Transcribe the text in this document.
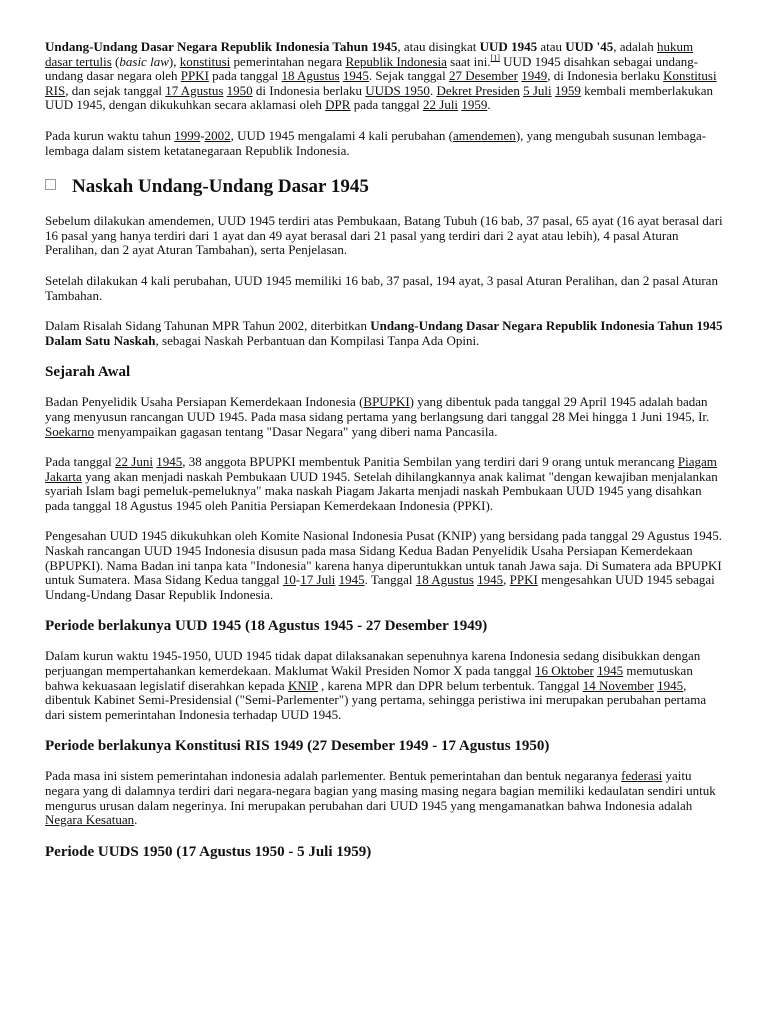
Undang-Undang Dasar Negara Republik Indonesia Tahun 1945, atau disingkat UUD 1945 atau UUD '45, adalah hukum dasar tertulis (basic law), konstitusi pemerintahan negara Republik Indonesia saat ini.[1] UUD 1945 disahkan sebagai undang-undang dasar negara oleh PPKI pada tanggal 18 Agustus 1945. Sejak tanggal 27 Desember 1949, di Indonesia berlaku Konstitusi RIS, dan sejak tanggal 17 Agustus 1950 di Indonesia berlaku UUDS 1950. Dekret Presiden 5 Juli 1959 kembali memberlakukan UUD 1945, dengan dikukuhkan secara aklamasi oleh DPR pada tanggal 22 Juli 1959.

Pada kurun waktu tahun 1999-2002, UUD 1945 mengalami 4 kali perubahan (amendemen), yang mengubah susunan lembaga-lembaga dalam sistem ketatanegaraan Republik Indonesia.

Naskah Undang-Undang Dasar 1945

Sebelum dilakukan amendemen, UUD 1945 terdiri atas Pembukaan, Batang Tubuh (16 bab, 37 pasal, 65 ayat (16 ayat berasal dari 16 pasal yang hanya terdiri dari 1 ayat dan 49 ayat berasal dari 21 pasal yang terdiri dari 2 ayat atau lebih), 4 pasal Aturan Peralihan, dan 2 ayat Aturan Tambahan), serta Penjelasan.

Setelah dilakukan 4 kali perubahan, UUD 1945 memiliki 16 bab, 37 pasal, 194 ayat, 3 pasal Aturan Peralihan, dan 2 pasal Aturan Tambahan.

Dalam Risalah Sidang Tahunan MPR Tahun 2002, diterbitkan Undang-Undang Dasar Negara Republik Indonesia Tahun 1945 Dalam Satu Naskah, sebagai Naskah Perbantuan dan Kompilasi Tanpa Ada Opini.

Sejarah Awal

Badan Penyelidik Usaha Persiapan Kemerdekaan Indonesia (BPUPKI) yang dibentuk pada tanggal 29 April 1945 adalah badan yang menyusun rancangan UUD 1945. Pada masa sidang pertama yang berlangsung dari tanggal 28 Mei hingga 1 Juni 1945, Ir. Soekarno menyampaikan gagasan tentang "Dasar Negara" yang diberi nama Pancasila.

Pada tanggal 22 Juni 1945, 38 anggota BPUPKI membentuk Panitia Sembilan yang terdiri dari 9 orang untuk merancang Piagam Jakarta yang akan menjadi naskah Pembukaan UUD 1945. Setelah dihilangkannya anak kalimat "dengan kewajiban menjalankan syariah Islam bagi pemeluk-pemeluknya" maka naskah Piagam Jakarta menjadi naskah Pembukaan UUD 1945 yang disahkan pada tanggal 18 Agustus 1945 oleh Panitia Persiapan Kemerdekaan Indonesia (PPKI).

Pengesahan UUD 1945 dikukuhkan oleh Komite Nasional Indonesia Pusat (KNIP) yang bersidang pada tanggal 29 Agustus 1945. Naskah rancangan UUD 1945 Indonesia disusun pada masa Sidang Kedua Badan Penyelidik Usaha Persiapan Kemerdekaan (BPUPKI). Nama Badan ini tanpa kata "Indonesia" karena hanya diperuntukkan untuk tanah Jawa saja. Di Sumatera ada BPUPKI untuk Sumatera. Masa Sidang Kedua tanggal 10-17 Juli 1945. Tanggal 18 Agustus 1945, PPKI mengesahkan UUD 1945 sebagai Undang-Undang Dasar Republik Indonesia.

Periode berlakunya UUD 1945 (18 Agustus 1945 - 27 Desember 1949)

Dalam kurun waktu 1945-1950, UUD 1945 tidak dapat dilaksanakan sepenuhnya karena Indonesia sedang disibukkan dengan perjuangan mempertahankan kemerdekaan. Maklumat Wakil Presiden Nomor X pada tanggal 16 Oktober 1945 memutuskan bahwa kekuasaan legislatif diserahkan kepada KNIP , karena MPR dan DPR belum terbentuk. Tanggal 14 November 1945, dibentuk Kabinet Semi-Presidensial ("Semi-Parlementer") yang pertama, sehingga peristiwa ini merupakan perubahan pertama dari sistem pemerintahan Indonesia terhadap UUD 1945.

Periode berlakunya Konstitusi RIS 1949 (27 Desember 1949 - 17 Agustus 1950)

Pada masa ini sistem pemerintahan indonesia adalah parlementer. Bentuk pemerintahan dan bentuk negaranya federasi yaitu negara yang di dalamnya terdiri dari negara-negara bagian yang masing masing negara bagian memiliki kedaulatan sendiri untuk mengurus urusan dalam negerinya. Ini merupakan perubahan dari UUD 1945 yang mengamanatkan bahwa Indonesia adalah Negara Kesatuan.

Periode UUDS 1950 (17 Agustus 1950 - 5 Juli 1959)
